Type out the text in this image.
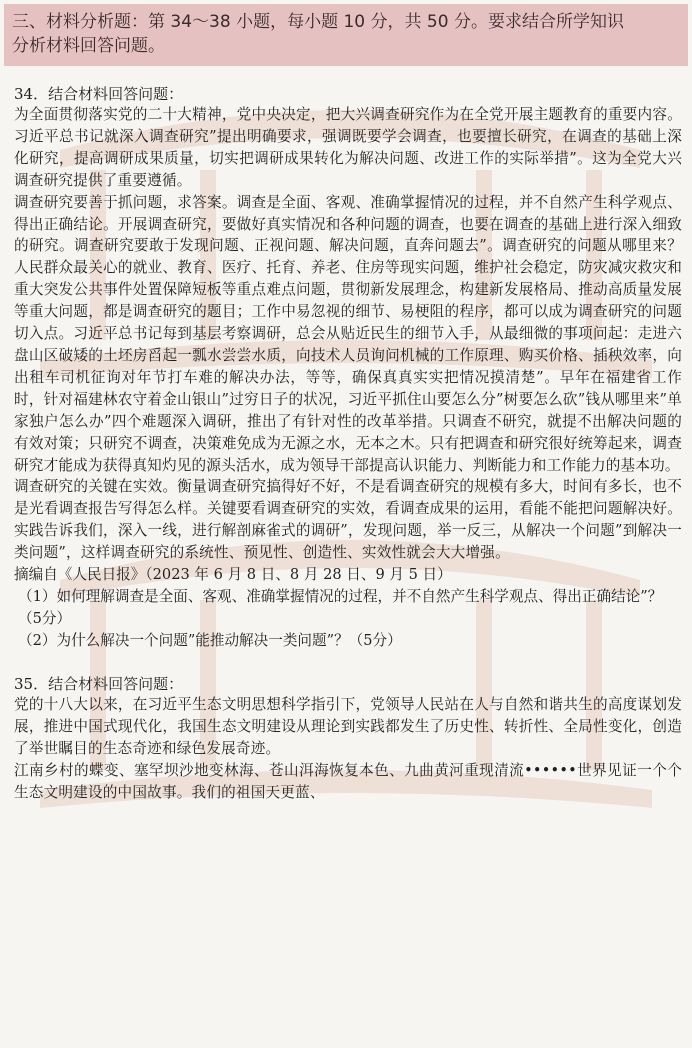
三、材料分析题：第 34～38 小题，每小题 10 分，共 50 分。要求结合所学知识
分析材料回答问题。

34．结合材料回答问题：

为全面贯彻落实党的二十大精神，党中央决定，把大兴调查研究作为在全党开展主题教育的重要内容。习近平总书记就深入调查研究”提出明确要求，强调既要学会调查，也要擅长研究，在调查的基础上深化研究，提高调研成果质量，切实把调研成果转化为解决问题、改进工作的实际举措”。这为全党大兴调查研究提供了重要遵循。

调查研究要善于抓问题，求答案。调查是全面、客观、准确掌握情况的过程，并不自然产生科学观点、得出正确结论。开展调查研究，要做好真实情况和各种问题的调查，也要在调查的基础上进行深入细致的研究。调查研究要敢于发现问题、正视问题、解决问题，直奔问题去”。调查研究的问题从哪里来？人民群众最关心的就业、教育、医疗、托育、养老、住房等现实问题，维护社会稳定，防灾减灾救灾和重大突发公共事件处置保障短板等重点难点问题，贯彻新发展理念，构建新发展格局、推动高质量发展等重大问题，都是调查研究的题目；工作中易忽视的细节、易梗阻的程序，都可以成为调查研究的问题切入点。习近平总书记每到基层考察调研，总会从贴近民生的细节入手，从最细微的事项问起：走进六盘山区破矮的土坯房舀起一瓢水尝尝水质，向技术人员询问机械的工作原理、购买价格、插秧效率，向出租车司机征询对年节打车难的解决办法，等等，确保真真实实把情况摸清楚”。早年在福建省工作时，针对福建林农守着金山银山”过穷日子的状况，习近平抓住山要怎么分”树要怎么砍”钱从哪里来”单家独户怎么办”四个难题深入调研，推出了有针对性的改革举措。只调查不研究，就提不出解决问题的有效对策；只研究不调查，决策难免成为无源之水，无本之木。只有把调查和研究很好统筹起来，调查研究才能成为获得真知灼见的源头活水，成为领导干部提高认识能力、判断能力和工作能力的基本功。

调查研究的关键在实效。衡量调查研究搞得好不好，不是看调查研究的规模有多大，时间有多长，也不是光看调查报告写得怎么样。关键要看调查研究的实效，看调查成果的运用，看能不能把问题解决好。实践告诉我们，深入一线，进行解剖麻雀式的调研”，发现问题，举一反三，从解决一个问题”到解决一类问题”，这样调查研究的系统性、预见性、创造性、实效性就会大大增强。

摘编自《人民日报》（2023 年 6 月 8 日、8 月 28 日、9 月 5 日）

（1）如何理解调查是全面、客观、准确掌握情况的过程，并不自然产生科学观点、得出正确结论”？（5分）

（2）为什么解决一个问题”能推动解决一类问题”？（5分）

35．结合材料回答问题：

党的十八大以来，在习近平生态文明思想科学指引下，党领导人民站在人与自然和谐共生的高度谋划发展，推进中国式现代化，我国生态文明建设从理论到实践都发生了历史性、转折性、全局性变化，创造了举世瞩目的生态奇迹和绿色发展奇迹。

江南乡村的蝶变、塞罕坝沙地变林海、苍山洱海恢复本色、九曲黄河重现清流••••••世界见证一个个生态文明建设的中国故事。我们的祖国天更蓝、
